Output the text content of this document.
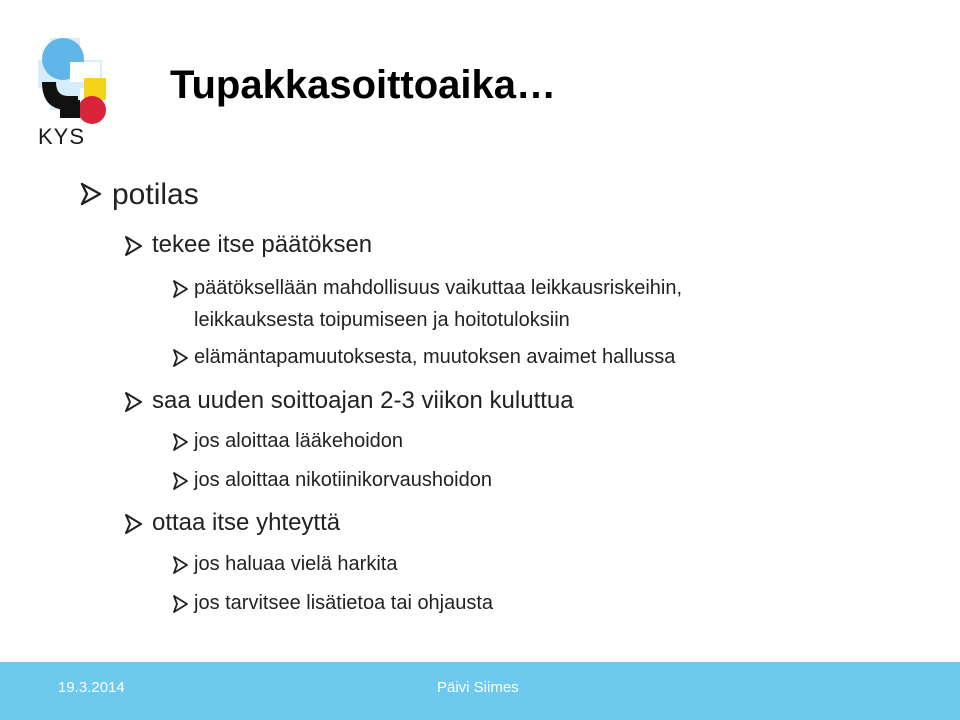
KYS
Tupakkasoittoaika…
potilas
tekee itse päätöksen
päätöksellään mahdollisuus vaikuttaa leikkausriskeihin,
leikkauksesta toipumiseen ja hoitotuloksiin
elämäntapamuutoksesta, muutoksen avaimet hallussa
saa uuden soittoajan 2-3 viikon kuluttua
jos aloittaa lääkehoidon
jos aloittaa nikotiinikorvaushoidon
ottaa itse yhteyttä
jos haluaa vielä harkita
jos tarvitsee lisätietoa tai ohjausta
19.3.2014	Päivi Siimes
